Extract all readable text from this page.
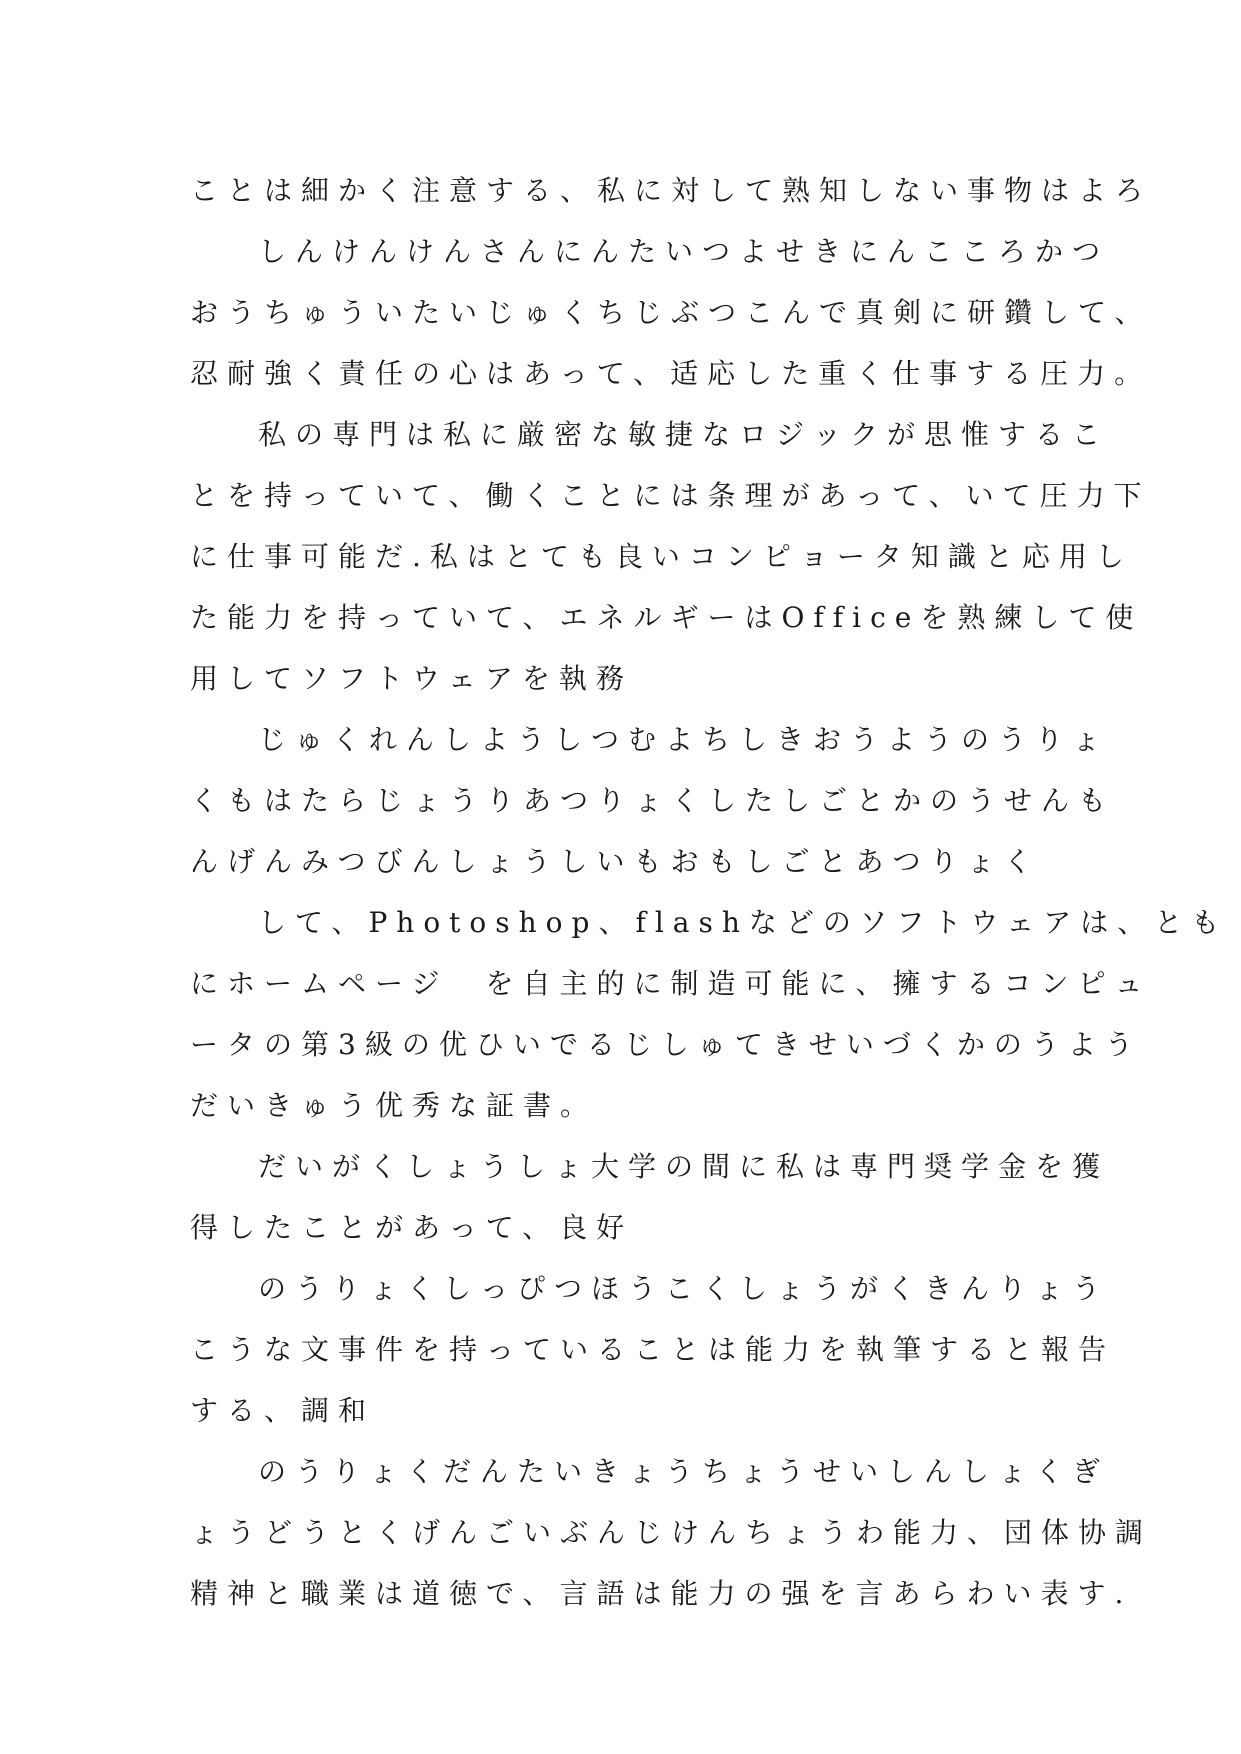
ことは細かく注意する、私に対して熟知しない事物はよろ
しんけんけんさんにんたいつよせきにんこころかつ
おうちゅういたいじゅくちじぶつこんで真剣に研鑽して、
忍耐強く責任の心はあって、适応した重く仕事する圧力。
私の専門は私に厳密な敏捷なロジックが思惟するこ
とを持っていて、働くことには条理があって、いて圧力下
に仕事可能だ.私はとても良いコンピョータ知識と応用し
た能力を持っていて、エネルギーはOfficeを熟練して使
用してソフトウェアを執務
じゅくれんしようしつむよちしきおうようのうりょ
くもはたらじょうりあつりょくしたしごとかのうせんも
んげんみつびんしょうしいもおもしごとあつりょく
して、Photoshop、flashなどのソフトウェアは、とも
にホームページ　を自主的に制造可能に、擁するコンピュ
ータの第3級の优ひいでるじしゅてきせいづくかのうよう
だいきゅう优秀な証書。
だいがくしょうしょ大学の間に私は専門奨学金を獲
得したことがあって、良好
のうりょくしっぴつほうこくしょうがくきんりょう
こうな文事件を持っていることは能力を執筆すると報告
する、調和
のうりょくだんたいきょうちょうせいしんしょくぎ
ょうどうとくげんごいぶんじけんちょうわ能力、団体协調
精神と職業は道徳で、言語は能力の强を言あらわい表す.
